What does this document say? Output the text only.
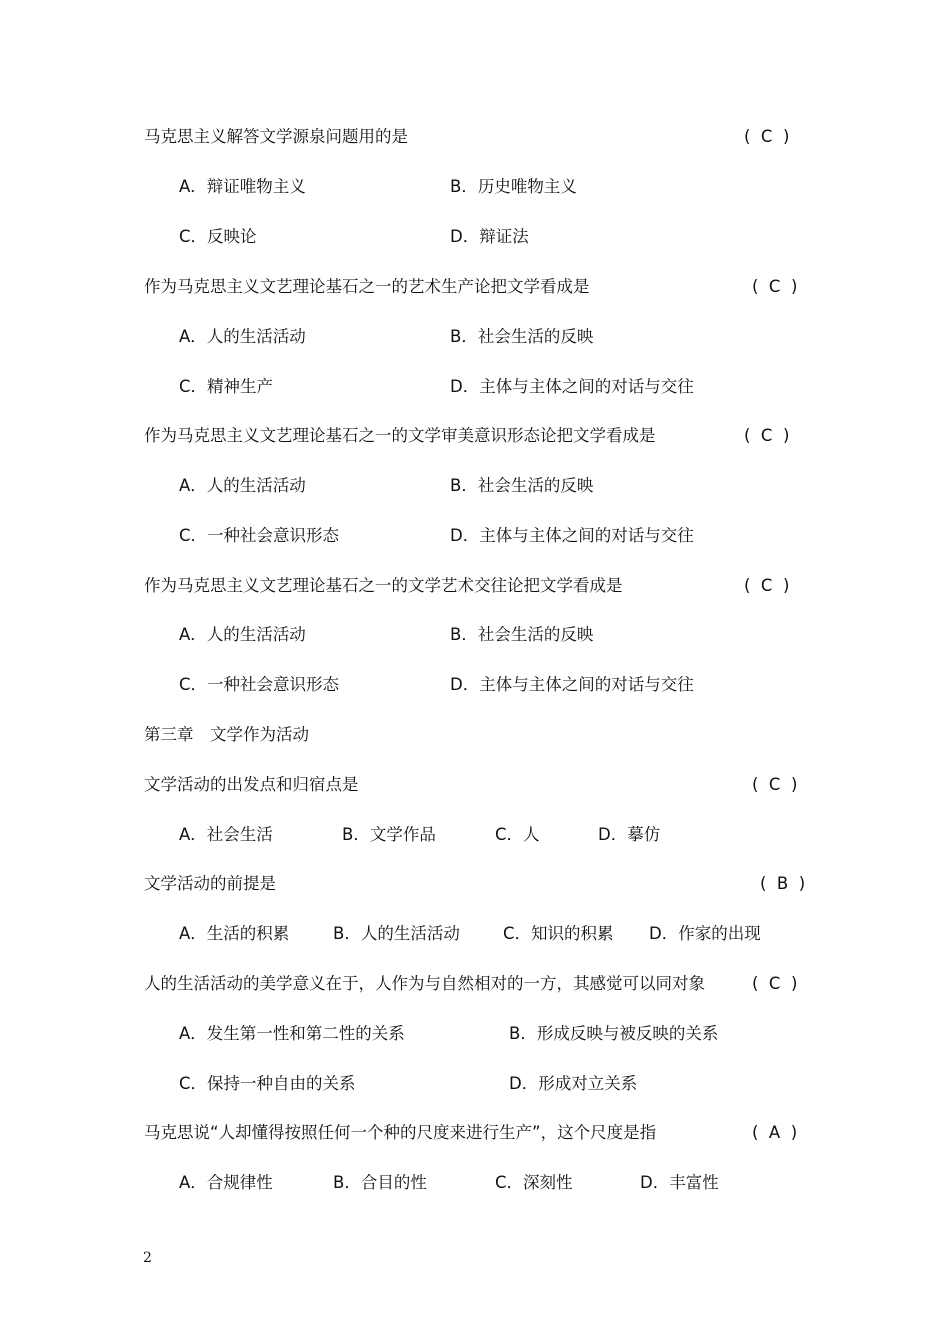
马克思主义解答文学源泉问题用的是	(  C  )
A．辩证唯物主义	B．历史唯物主义
C．反映论	D．辩证法
作为马克思主义文艺理论基石之一的艺术生产论把文学看成是	(  C  )
A．人的生活活动	B．社会生活的反映
C．精神生产	D．主体与主体之间的对话与交往
作为马克思主义文艺理论基石之一的文学审美意识形态论把文学看成是	(  C  )
A．人的生活活动	B．社会生活的反映
C．一种社会意识形态	D．主体与主体之间的对话与交往
作为马克思主义文艺理论基石之一的文学艺术交往论把文学看成是	(  C  )
A．人的生活活动	B．社会生活的反映
C．一种社会意识形态	D．主体与主体之间的对话与交往
第三章　文学作为活动
文学活动的出发点和归宿点是	(  C  )
A．社会生活	B．文学作品	C．人	D．摹仿
文学活动的前提是	(  B  )
A．生活的积累	B．人的生活活动	C．知识的积累 D．作家的出现
人的生活活动的美学意义在于，人作为与自然相对的一方，其感觉可以同对象	(  C  )
A．发生第一性和第二性的关系	B．形成反映与被反映的关系
C．保持一种自由的关系	D．形成对立关系
马克思说“人却懂得按照任何一个种的尺度来进行生产”，这个尺度是指	(  A  )
A．合规律性	B．合目的性	C．深刻性	D．丰富性
2
